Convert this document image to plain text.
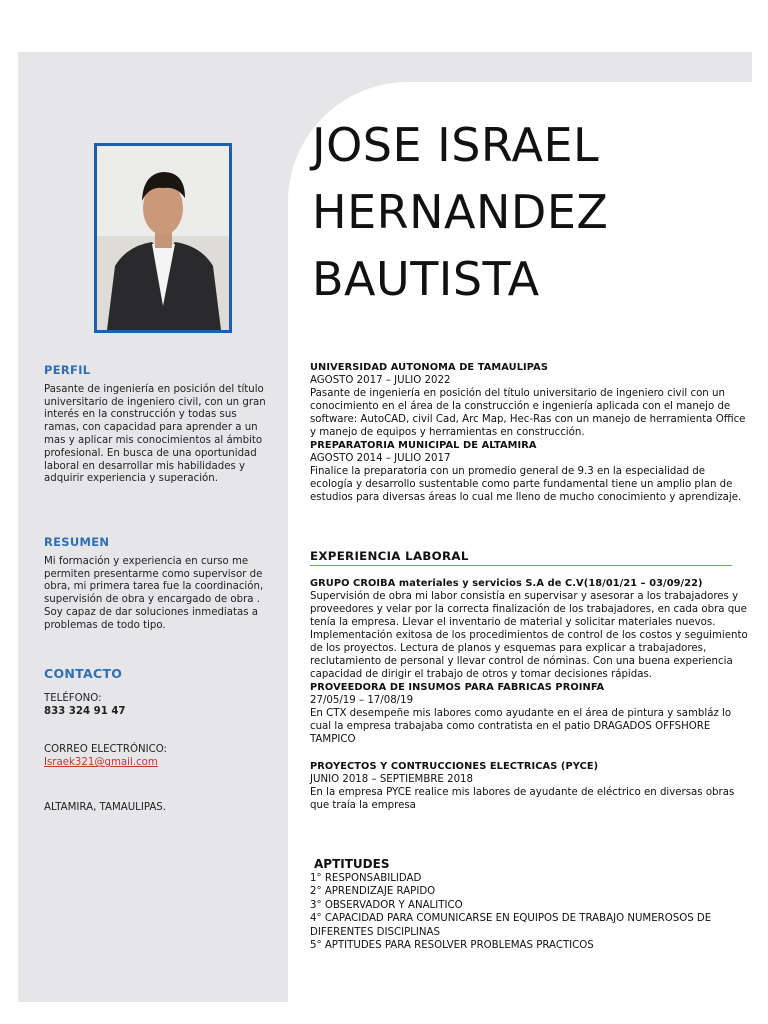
PERFIL

Pasante de ingeniería en posición del título universitario de ingeniero civil, con un gran interés en la construcción y todas sus ramas, con capacidad para aprender a un mas y aplicar mis conocimientos al ámbito profesional. En busca de una oportunidad laboral en desarrollar mis habilidades y adquirir experiencia y superación.

RESUMEN

Mi formación y experiencia en curso me permiten presentarme como supervisor de obra, mi primera tarea fue la coordinación, supervisión de obra y encargado de obra . Soy capaz de dar soluciones inmediatas a problemas de todo tipo.

CONTACTO

TELÉFONO:

833 324 91 47

CORREO ELECTRÓNICO:

Israek321@gmail.com

ALTAMIRA, TAMAULIPAS.

JOSE ISRAEL
HERNANDEZ
BAUTISTA

UNIVERSIDAD AUTONOMA DE TAMAULIPAS

AGOSTO 2017 – JULIO 2022

Pasante de ingeniería en posición del título universitario de ingeniero civil con un conocimiento en el área de la construcción e ingeniería aplicada con el manejo de software: AutoCAD, civil Cad, Arc Map, Hec-Ras con un manejo de herramienta Office y manejo de equipos y herramientas en construcción.

PREPARATORIA MUNICIPAL DE ALTAMIRA

AGOSTO 2014 – JULIO 2017

Finalice la preparatoria con un promedio general de 9.3 en la especialidad de ecología y desarrollo sustentable como parte fundamental tiene un amplio plan de estudios para diversas áreas lo cual me lleno de mucho conocimiento y aprendizaje.

EXPERIENCIA LABORAL

GRUPO CROIBA materiales y servicios S.A de C.V(18/01/21 – 03/09/22)

Supervisión de obra mi labor consistía en supervisar y asesorar a los trabajadores y proveedores y velar por la correcta finalización de los trabajadores, en cada obra que tenía la empresa. Llevar el inventario de material y solicitar materiales nuevos. Implementación exitosa de los procedimientos de control de los costos y seguimiento de los proyectos. Lectura de planos y esquemas para explicar a trabajadores, reclutamiento de personal y llevar control de nóminas. Con una buena experiencia capacidad de dirigir el trabajo de otros y tomar decisiones rápidas.

PROVEEDORA DE INSUMOS PARA FABRICAS PROINFA

27/05/19 – 17/08/19

En CTX desempeñe mis labores como ayudante en el área de pintura y sambláz lo cual la empresa trabajaba como contratista en el patio DRAGADOS OFFSHORE TAMPICO

PROYECTOS Y CONTRUCCIONES ELECTRICAS (PYCE)

JUNIO 2018 – SEPTIEMBRE 2018

En la empresa PYCE realice mis labores de ayudante de eléctrico en diversas obras que traía la empresa

APTITUDES

1° RESPONSABILIDAD

2° APRENDIZAJE RAPIDO

3° OBSERVADOR Y ANALITICO

4° CAPACIDAD PARA COMUNICARSE EN EQUIPOS DE TRABAJO NUMEROSOS DE DIFERENTES DISCIPLINAS

5° APTITUDES PARA RESOLVER PROBLEMAS PRACTICOS
